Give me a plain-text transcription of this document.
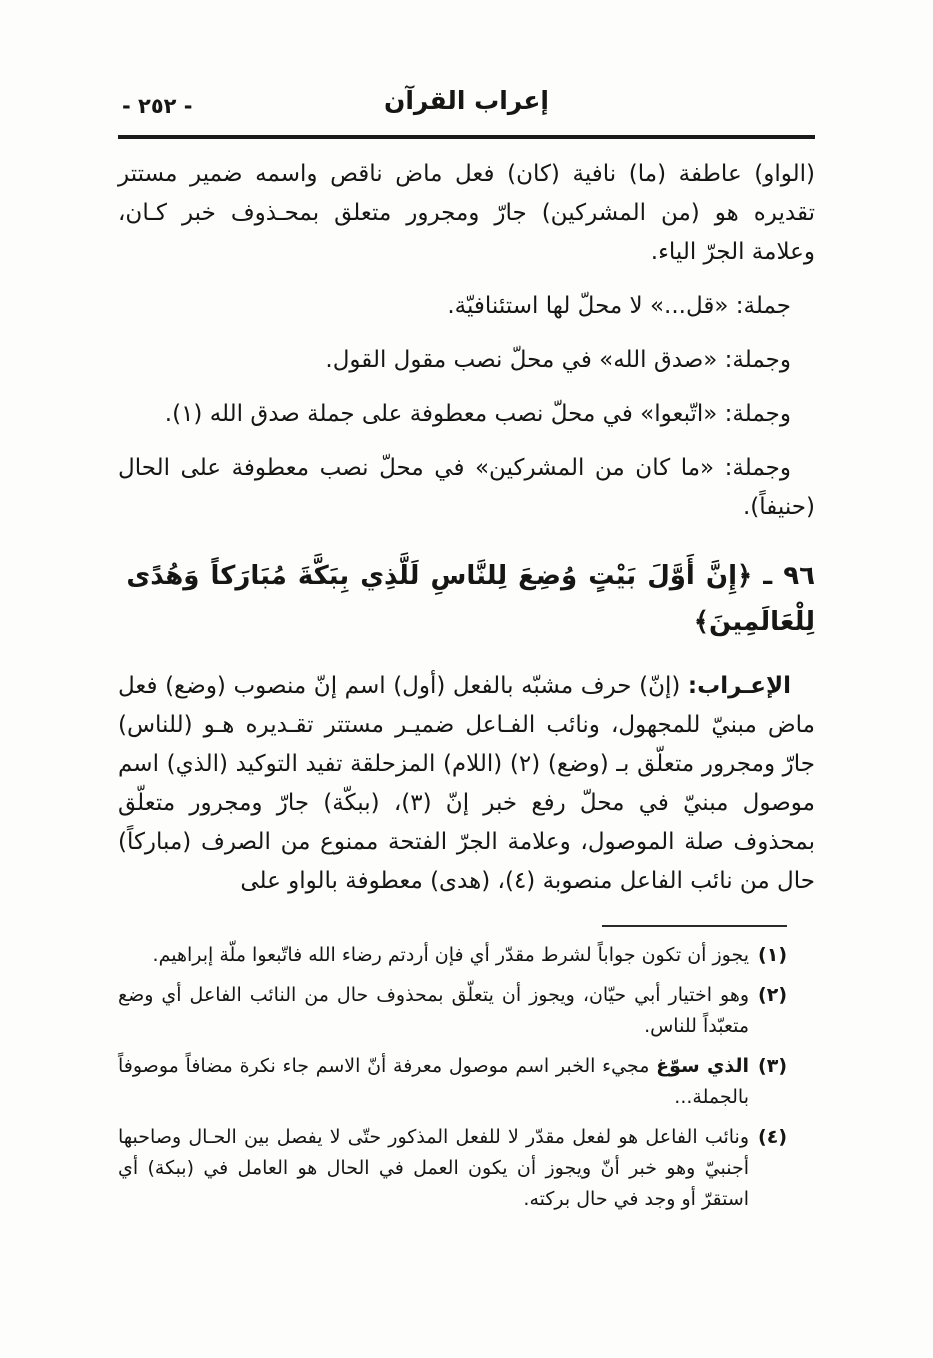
- ٢٥٢ -	إعراب القرآن

(الواو) عاطفة (ما) نافية (كان) فعل ماض ناقص واسمه ضمير مستتر تقديره هو (من المشركين) جارّ ومجرور متعلق بمحـذوف خبر كـان، وعلامة الجرّ الياء.

جملة: «قل...» لا محلّ لها استئنافيّة.

وجملة: «صدق الله» في محلّ نصب مقول القول.

وجملة: «اتّبعوا» في محلّ نصب معطوفة على جملة صدق الله (١).

وجملة: «ما كان من المشركين» في محلّ نصب معطوفة على الحال (حنيفاً).

٩٦ ـ ﴿إِنَّ أَوَّلَ بَيْتٍ وُضِعَ لِلنَّاسِ لَلَّذِي بِبَكَّةَ مُبَارَكاً وَهُدًى لِلْعَالَمِينَ﴾

الإعـراب: (إنّ) حرف مشبّه بالفعل (أول) اسم إنّ منصوب (وضع) فعل ماض مبنيّ للمجهول، ونائب الفـاعل ضميـر مستتر تقـديره هـو (للناس) جارّ ومجرور متعلّق بـ (وضع) (٢) (اللام) المزحلقة تفيد التوكيد (الذي) اسم موصول مبنيّ في محلّ رفع خبر إنّ (٣)، (ببكّة) جارّ ومجرور متعلّق بمحذوف صلة الموصول، وعلامة الجرّ الفتحة ممنوع من الصرف (مباركاً) حال من نائب الفاعل منصوبة (٤)، (هدى) معطوفة بالواو على

(١)

يجوز أن تكون جواباً لشرط مقدّر أي فإن أردتم رضاء الله فاتّبعوا ملّة إبراهيم.

(٢)

وهو اختيار أبي حيّان، ويجوز أن يتعلّق بمحذوف حال من النائب الفاعل أي وضع متعبّداً للناس.

(٣)

الذي سوّغ مجيء الخبر اسم موصول معرفة أنّ الاسم جاء نكرة مضافاً موصوفاً بالجملة...

(٤)

ونائب الفاعل هو لفعل مقدّر لا للفعل المذكور حتّى لا يفصل بين الحـال وصاحبها أجنبيّ وهو خبر أنّ ويجوز أن يكون العمل في الحال هو العامل في (ببكة) أي استقرّ أو وجد في حال بركته.
